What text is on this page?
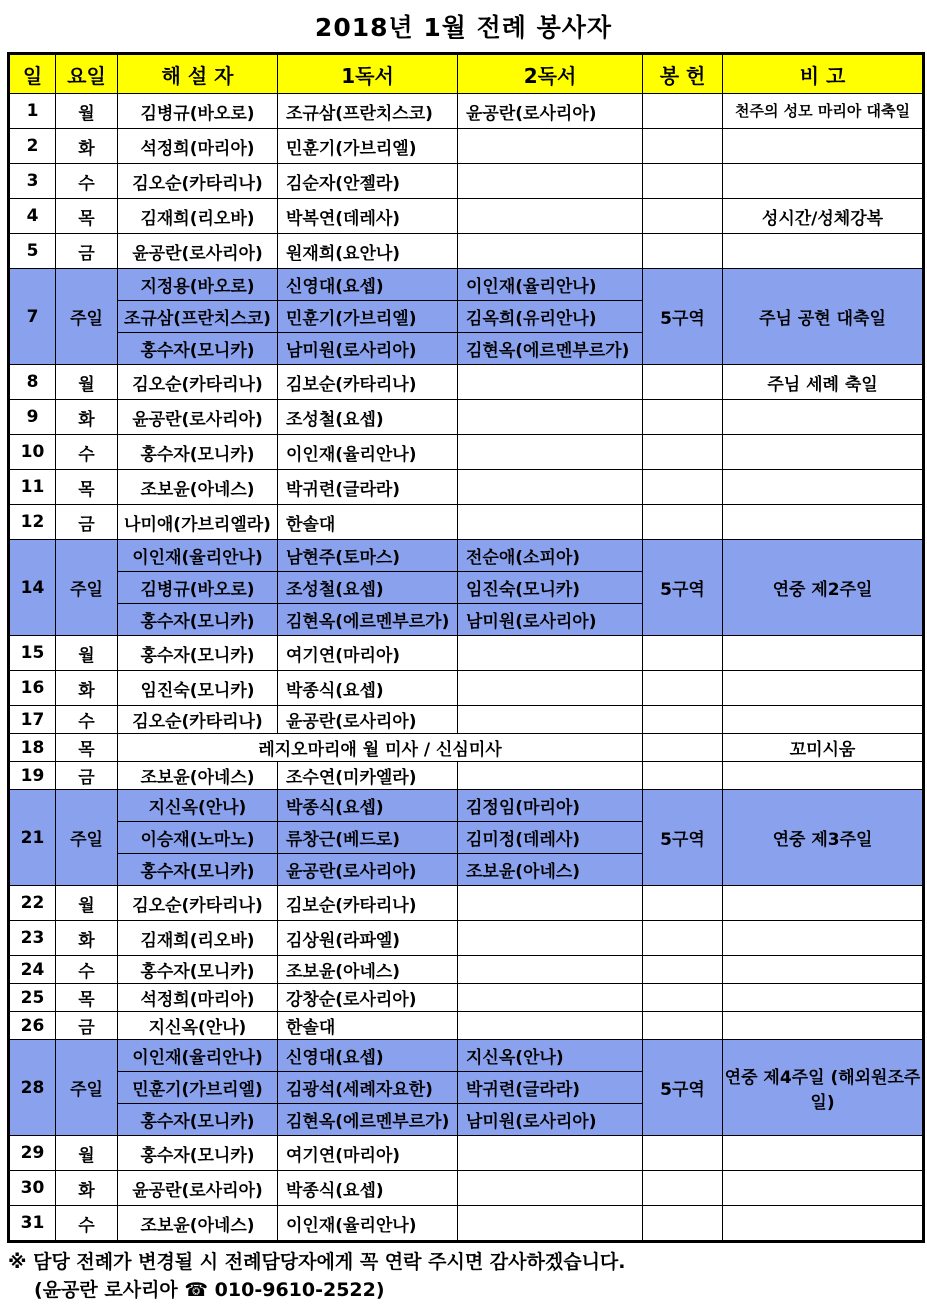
2018년 1월 전례 봉사자
일	요일	해 설 자	1독서	2독서	봉 헌	비 고
1	월	김병규(바오로)	조규삼(프란치스코)	윤공란(로사리아)		천주의 성모 마리아 대축일
2	화	석정희(마리아)	민훈기(가브리엘)			
3	수	김오순(카타리나)	김순자(안젤라)			
4	목	김재희(리오바)	박복연(데레사)			성시간/성체강복
5	금	윤공란(로사리아)	원재희(요안나)			
7	주일	지정용(바오로)	신영대(요셉)	이인재(율리안나)	5구역	주님 공현 대축일
		조규삼(프란치스코)	민훈기(가브리엘)	김옥희(유리안나)		
		홍수자(모니카)	남미원(로사리아)	김현옥(에르멘부르가)		
8	월	김오순(카타리나)	김보순(카타리나)			주님 세례 축일
9	화	윤공란(로사리아)	조성철(요셉)			
10	수	홍수자(모니카)	이인재(율리안나)			
11	목	조보윤(아네스)	박귀련(글라라)			
12	금	나미애(가브리엘라)	한솔대			
14	주일	이인재(율리안나)	남현주(토마스)	전순애(소피아)	5구역	연중 제2주일
		김병규(바오로)	조성철(요셉)	임진숙(모니카)		
		홍수자(모니카)	김현옥(에르멘부르가)	남미원(로사리아)		
15	월	홍수자(모니카)	여기연(마리아)			
16	화	임진숙(모니카)	박종식(요셉)			
17	수	김오순(카타리나)	윤공란(로사리아)			
18	목	레지오마리애 월 미사 / 신심미사				꼬미시움
19	금	조보윤(아네스)	조수연(미카엘라)			
21	주일	지신옥(안나)	박종식(요셉)	김정임(마리아)	5구역	연중 제3주일
		이승재(노마노)	류창근(베드로)	김미정(데레사)		
		홍수자(모니카)	윤공란(로사리아)	조보윤(아네스)		
22	월	김오순(카타리나)	김보순(카타리나)			
23	화	김재희(리오바)	김상원(라파엘)			
24	수	홍수자(모니카)	조보윤(아네스)			
25	목	석정희(마리아)	강창순(로사리아)			
26	금	지신옥(안나)	한솔대			
28	주일	이인재(율리안나)	신영대(요셉)	지신옥(안나)	5구역	연중 제4주일 (해외원조주일)
		민훈기(가브리엘)	김광석(세례자요한)	박귀련(글라라)		
		홍수자(모니카)	김현옥(에르멘부르가)	남미원(로사리아)		
29	월	홍수자(모니카)	여기연(마리아)			
30	화	윤공란(로사리아)	박종식(요셉)			
31	수	조보윤(아네스)	이인재(율리안나)			
※ 담당 전례가 변경될 시 전례담당자에게 꼭 연락 주시면 감사하겠습니다.
(윤공란 로사리아 ☎ 010-9610-2522)
